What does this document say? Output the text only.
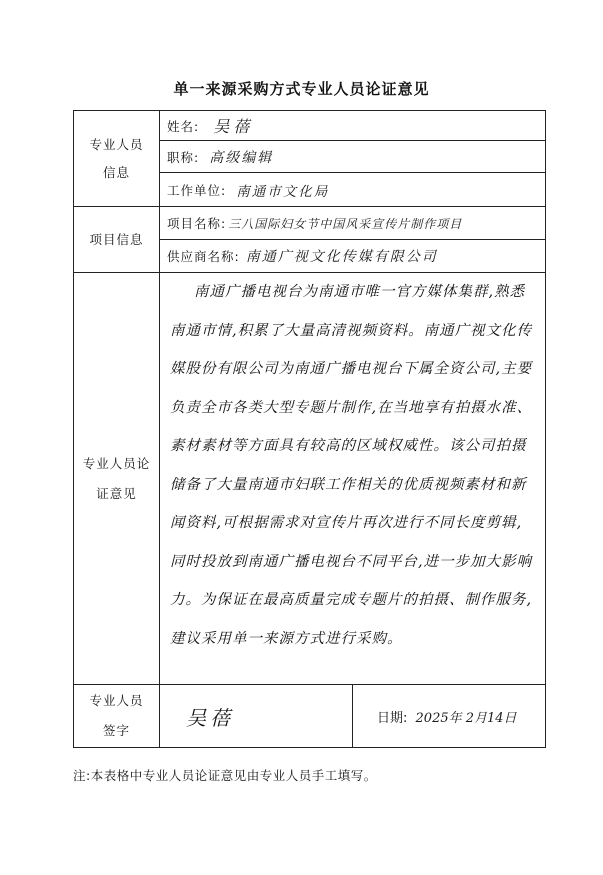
单一来源采购方式专业人员论证意见
专业人员信息	姓名: 吴蓓	

	职称: 高级编辑	

	工作单位: 南通市文化局	

项目信息	项目名称: 三八国际妇女节中国风采宣传片制作项目	

	供应商名称: 南通广视文化传媒有限公司	

专业人员论证意见	南通广播电视台为南通市唯一官方媒体集群,熟悉南通市情,积累了大量高清视频资料。南通广视文化传媒股份有限公司为南通广播电视台下属全资公司,主要负责全市各类大型专题片制作,在当地享有拍摄水准、素材素材等方面具有较高的区域权威性。该公司拍摄储备了大量南通市妇联工作相关的优质视频素材和新闻资料,可根据需求对宣传片再次进行不同长度剪辑,同时投放到南通广播电视台不同平台,进一步加大影响力。为保证在最高质量完成专题片的拍摄、制作服务,建议采用单一来源方式进行采购。	

专业人员签字	吴蓓	日期: 2025年 2月14日
注:本表格中专业人员论证意见由专业人员手工填写。
